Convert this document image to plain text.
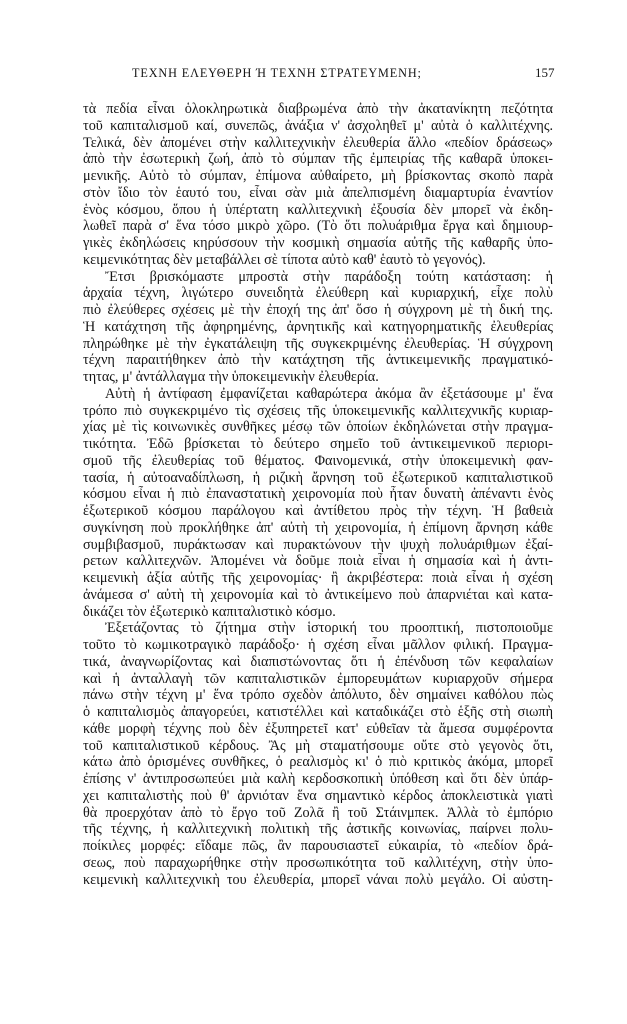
ΤΕΧΝΗ ΕΛΕΥΘΕΡΗ Ή ΤΕΧΝΗ ΣΤΡΑΤΕΥΜΕΝΗ;	157
τὰ πεδία εἶναι ὁλοκληρωτικὰ διαβρωμένα ἀπὸ τὴν ἀκατανίκητη πεζότητα
τοῦ καπιταλισμοῦ καί, συνεπῶς, ἀνάξια ν' ἀσχοληθεῖ μ' αὐτὰ ὁ καλλιτέχνης.
Τελικά, δὲν ἀπομένει στὴν καλλιτεχνικὴν ἐλευθερία ἄλλο «πεδίον δράσεως»
ἀπὸ τὴν ἐσωτερικὴ ζωή, ἀπὸ τὸ σύμπαν τῆς ἐμπειρίας τῆς καθαρᾶ ὑποκει-
μενικῆς. Αὐτὸ τὸ σύμπαν, ἐπίμονα αὐθαίρετο, μὴ βρίσκοντας σκοπὸ παρὰ
στὸν ἴδιο τὸν ἑαυτό του, εἶναι σὰν μιὰ ἀπελπισμένη διαμαρτυρία ἐναντίον
ἑνὸς κόσμου, ὅπου ἡ ὑπέρτατη καλλιτεχνικὴ ἐξουσία δὲν μπορεῖ νὰ ἐκδη-
λωθεῖ παρὰ σ' ἕνα τόσο μικρὸ χῶρο. (Τὸ ὅτι πολυάριθμα ἔργα καὶ δημιουρ-
γικὲς ἐκδηλώσεις κηρύσσουν τὴν κοσμικὴ σημασία αὐτῆς τῆς καθαρῆς ὑπο-
κειμενικότητας δὲν μεταβάλλει σὲ τίποτα αὐτὸ καθ' ἑαυτὸ τὸ γεγονός).
Ἔτσι βρισκόμαστε μπροστὰ στὴν παράδοξη τούτη κατάσταση: ἡ
ἀρχαία τέχνη, λιγώτερο συνειδητὰ ἐλεύθερη καὶ κυριαρχική, εἶχε πολὺ
πιὸ ἐλεύθερες σχέσεις μὲ τὴν ἐποχή της ἀπ' ὅσο ἡ σύγχρονη μὲ τὴ δική της.
Ἡ κατάχτηση τῆς ἀφηρημένης, ἀρνητικῆς καὶ κατηγορηματικῆς ἐλευθερίας
πληρώθηκε μὲ τὴν ἐγκατάλειψη τῆς συγκεκριμένης ἐλευθερίας. Ἡ σύγχρονη
τέχνη παραιτήθηκεν ἀπὸ τὴν κατάχτηση τῆς ἀντικειμενικῆς πραγματικό-
τητας, μ' ἀντάλλαγμα τὴν ὑποκειμενικὴν ἐλευθερία.
Αὐτὴ ἡ ἀντίφαση ἐμφανίζεται καθαρώτερα ἀκόμα ἂν ἐξετάσουμε μ' ἕνα
τρόπο πιὸ συγκεκριμένο τὶς σχέσεις τῆς ὑποκειμενικῆς καλλιτεχνικῆς κυριαρ-
χίας μὲ τὶς κοινωνικὲς συνθῆκες μέσῳ τῶν ὁποίων ἐκδηλώνεται στὴν πραγμα-
τικότητα. Ἐδῶ βρίσκεται τὸ δεύτερο σημεῖο τοῦ ἀντικειμενικοῦ περιορι-
σμοῦ τῆς ἐλευθερίας τοῦ θέματος. Φαινομενικά, στὴν ὑποκειμενικὴ φαν-
τασία, ἡ αὐτοαναδίπλωση, ἡ ριζικὴ ἄρνηση τοῦ ἐξωτερικοῦ καπιταλιστικοῦ
κόσμου εἶναι ἡ πιὸ ἐπαναστατικὴ χειρονομία ποὺ ἦταν δυνατὴ ἀπέναντι ἑνὸς
ἐξωτερικοῦ κόσμου παράλογου καὶ ἀντίθετου πρὸς τὴν τέχνη. Ἡ βαθειὰ
συγκίνηση ποὺ προκλήθηκε ἀπ' αὐτὴ τὴ χειρονομία, ἡ ἐπίμονη ἄρνηση κάθε
συμβιβασμοῦ, πυράκτωσαν καὶ πυρακτώνουν τὴν ψυχὴ πολυάριθμων ἐξαί-
ρετων καλλιτεχνῶν. Ἀπομένει νὰ δοῦμε ποιὰ εἶναι ἡ σημασία καὶ ἡ ἀντι-
κειμενικὴ ἀξία αὐτῆς τῆς χειρονομίας· ἢ ἀκριβέστερα: ποιὰ εἶναι ἡ σχέση
ἀνάμεσα σ' αὐτὴ τὴ χειρονομία καὶ τὸ ἀντικείμενο ποὺ ἀπαρνιέται καὶ κατα-
δικάζει τὸν ἐξωτερικὸ καπιταλιστικὸ κόσμο.
Ἐξετάζοντας τὸ ζήτημα στὴν ἱστορική του προοπτική, πιστοποιοῦμε
τοῦτο τὸ κωμικοτραγικὸ παράδοξο· ἡ σχέση εἶναι μᾶλλον φιλική. Πραγμα-
τικά, ἀναγνωρίζοντας καὶ διαπιστώνοντας ὅτι ἡ ἐπένδυση τῶν κεφαλαίων
καὶ ἡ ἀνταλλαγὴ τῶν καπιταλιστικῶν ἐμπορευμάτων κυριαρχοῦν σήμερα
πάνω στὴν τέχνη μ' ἕνα τρόπο σχεδὸν ἀπόλυτο, δὲν σημαίνει καθόλου πὼς
ὁ καπιταλισμὸς ἀπαγορεύει, κατιστέλλει καὶ καταδικάζει στὸ ἑξῆς στὴ σιωπὴ
κάθε μορφὴ τέχνης ποὺ δὲν ἐξυπηρετεῖ κατ' εὐθεῖαν τὰ ἄμεσα συμφέροντα
τοῦ καπιταλιστικοῦ κέρδους. Ἂς μὴ σταματήσουμε οὔτε στὸ γεγονὸς ὅτι,
κάτω ἀπὸ ὁρισμένες συνθῆκες, ὁ ρεαλισμὸς κι' ὁ πιὸ κριτικὸς ἀκόμα, μπορεῖ
ἐπίσης ν' ἀντιπροσωπεύει μιὰ καλὴ κερδοσκοπικὴ ὑπόθεση καὶ ὅτι δὲν ὑπάρ-
χει καπιταλιστὴς ποὺ θ' ἀρνιόταν ἕνα σημαντικὸ κέρδος ἀποκλειστικὰ γιατὶ
θὰ προερχόταν ἀπὸ τὸ ἔργο τοῦ Ζολᾶ ἢ τοῦ Στάινμπεκ. Ἀλλὰ τὸ ἐμπόριο
τῆς τέχνης, ἡ καλλιτεχνικὴ πολιτικὴ τῆς ἀστικῆς κοινωνίας, παίρνει πολυ-
ποίκιλες μορφές: εἴδαμε πῶς, ἂν παρουσιαστεῖ εὐκαιρία, τὸ «πεδίον δρά-
σεως, ποὺ παραχωρήθηκε στὴν προσωπικότητα τοῦ καλλιτέχνη, στὴν ὑπο-
κειμενικὴ καλλιτεχνικὴ του ἐλευθερία, μπορεῖ νάναι πολὺ μεγάλο. Οἱ αὐστη-
